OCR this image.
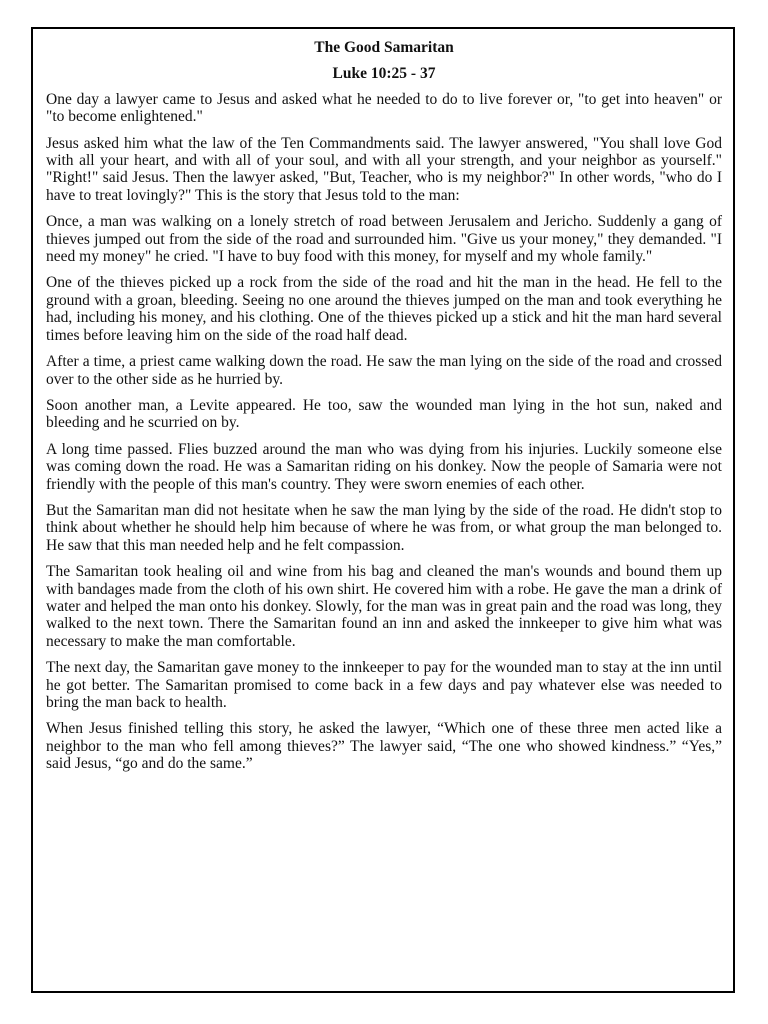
The Good Samaritan
Luke 10:25 - 37

One day a lawyer came to Jesus and asked what he needed to do to live forever or, "to get into heaven" or "to become enlightened."

Jesus asked him what the law of the Ten Commandments said. The lawyer answered, "You shall love God with all your heart, and with all of your soul, and with all your strength, and your neighbor as yourself." "Right!" said Jesus. Then the lawyer asked, "But, Teacher, who is my neighbor?" In other words, "who do I have to treat lovingly?" This is the story that Jesus told to the man:

Once, a man was walking on a lonely stretch of road between Jerusalem and Jericho. Suddenly a gang of thieves jumped out from the side of the road and surrounded him. "Give us your money," they demanded. "I need my money" he cried. "I have to buy food with this money, for myself and my whole family."

One of the thieves picked up a rock from the side of the road and hit the man in the head. He fell to the ground with a groan, bleeding. Seeing no one around the thieves jumped on the man and took everything he had, including his money, and his clothing. One of the thieves picked up a stick and hit the man hard several times before leaving him on the side of the road half dead.

After a time, a priest came walking down the road. He saw the man lying on the side of the road and crossed over to the other side as he hurried by.

Soon another man, a Levite appeared. He too, saw the wounded man lying in the hot sun, naked and bleeding and he scurried on by.

A long time passed. Flies buzzed around the man who was dying from his injuries. Luckily someone else was coming down the road. He was a Samaritan riding on his donkey. Now the people of Samaria were not friendly with the people of this man's country. They were sworn enemies of each other.

But the Samaritan man did not hesitate when he saw the man lying by the side of the road. He didn't stop to think about whether he should help him because of where he was from, or what group the man belonged to. He saw that this man needed help and he felt compassion.

The Samaritan took healing oil and wine from his bag and cleaned the man's wounds and bound them up with bandages made from the cloth of his own shirt. He covered him with a robe. He gave the man a drink of water and helped the man onto his donkey. Slowly, for the man was in great pain and the road was long, they walked to the next town. There the Samaritan found an inn and asked the innkeeper to give him what was necessary to make the man comfortable.

The next day, the Samaritan gave money to the innkeeper to pay for the wounded man to stay at the inn until he got better. The Samaritan promised to come back in a few days and pay whatever else was needed to bring the man back to health.

When Jesus finished telling this story, he asked the lawyer, “Which one of these three men acted like a neighbor to the man who fell among thieves?” The lawyer said, “The one who showed kindness.” “Yes,” said Jesus, “go and do the same.”
